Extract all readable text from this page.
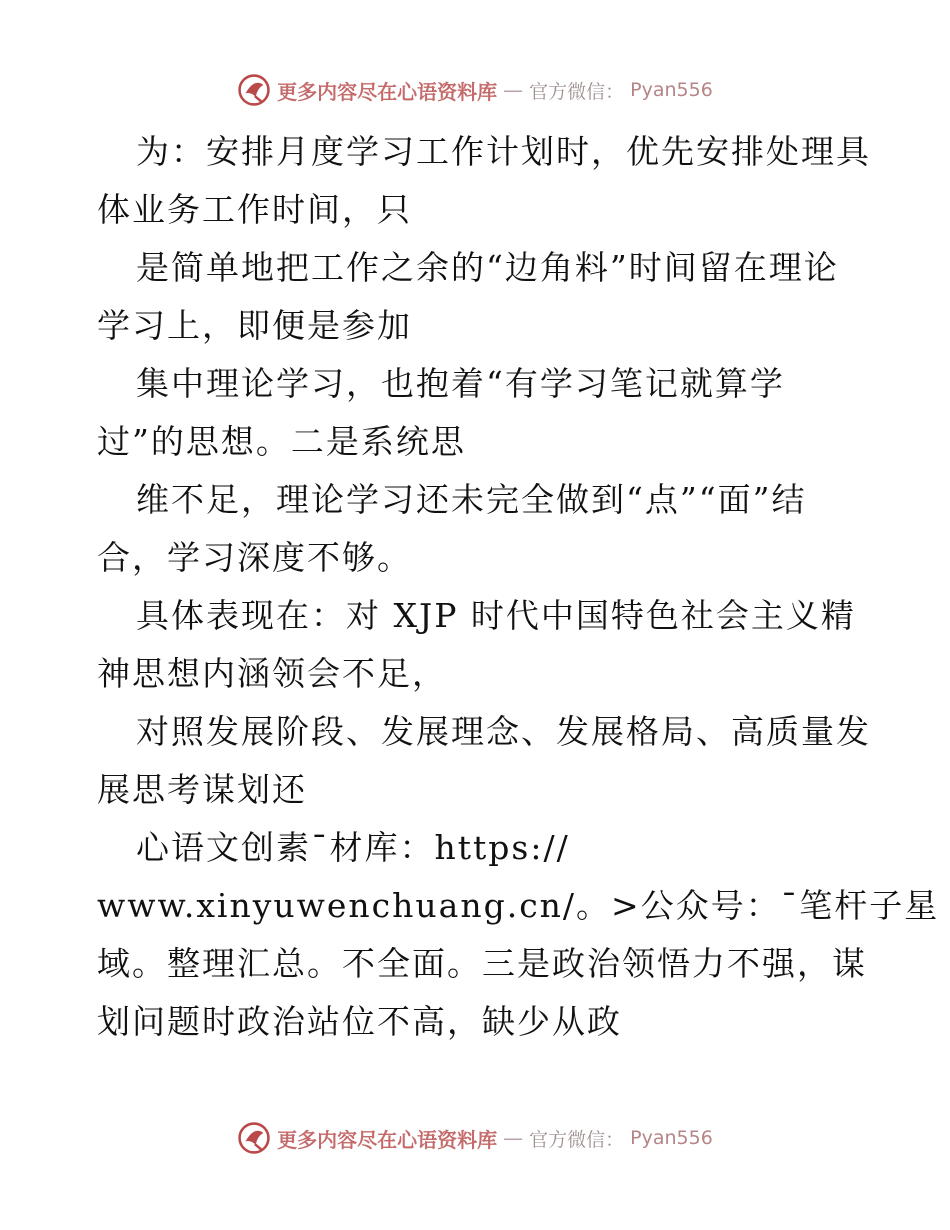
更多内容尽在心语资料库 — 官方微信： Pyan556
为：安排月度学习工作计划时，优先安排处理具
体业务工作时间，只
是简单地把工作之余的“边角料”时间留在理论
学习上，即便是参加
集中理论学习，也抱着“有学习笔记就算学
过”的思想。二是系统思
维不足，理论学习还未完全做到“点”“面”结
合，学习深度不够。
具体表现在：对 XJP 时代中国特色社会主义精
神思想内涵领会不足，
对照发展阶段、发展理念、发展格局、高质量发
展思考谋划还
心语文创素¯材库：https://
www.xinyuwenchuang.cn/。>公众号：¯笔杆子星
域。整理汇总。不全面。三是政治领悟力不强，谋
划问题时政治站位不高，缺少从政
更多内容尽在心语资料库 — 官方微信： Pyan556
